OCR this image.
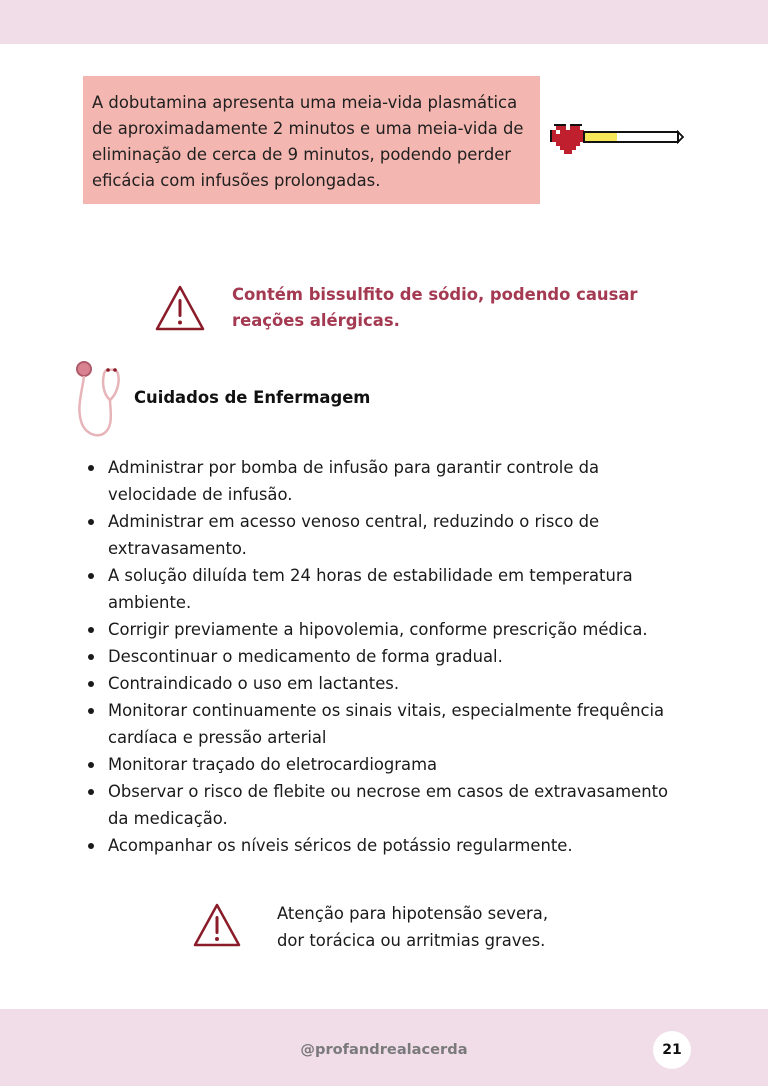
A dobutamina apresenta uma meia-vida plasmática

de aproximadamente 2 minutos e uma meia-vida de

eliminação de cerca de 9 minutos, podendo perder

eficácia com infusões prolongadas.

Contém bissulfito de sódio, podendo causar

reações alérgicas.

Cuidados de Enfermagem
Administrar por bomba de infusão para garantir controle da
velocidade de infusão.
Administrar em acesso venoso central, reduzindo o risco de
extravasamento.
A solução diluída tem 24 horas de estabilidade em temperatura
ambiente.
Corrigir previamente a hipovolemia, conforme prescrição médica.
Descontinuar o medicamento de forma gradual.
Contraindicado o uso em lactantes.
Monitorar continuamente os sinais vitais, especialmente frequência
cardíaca e pressão arterial
Monitorar traçado do eletrocardiograma
Observar o risco de flebite ou necrose em casos de extravasamento
da medicação.
Acompanhar os níveis séricos de potássio regularmente.

Atenção para hipotensão severa,

dor torácica ou arritmias graves.

@profandrealacerda	21
